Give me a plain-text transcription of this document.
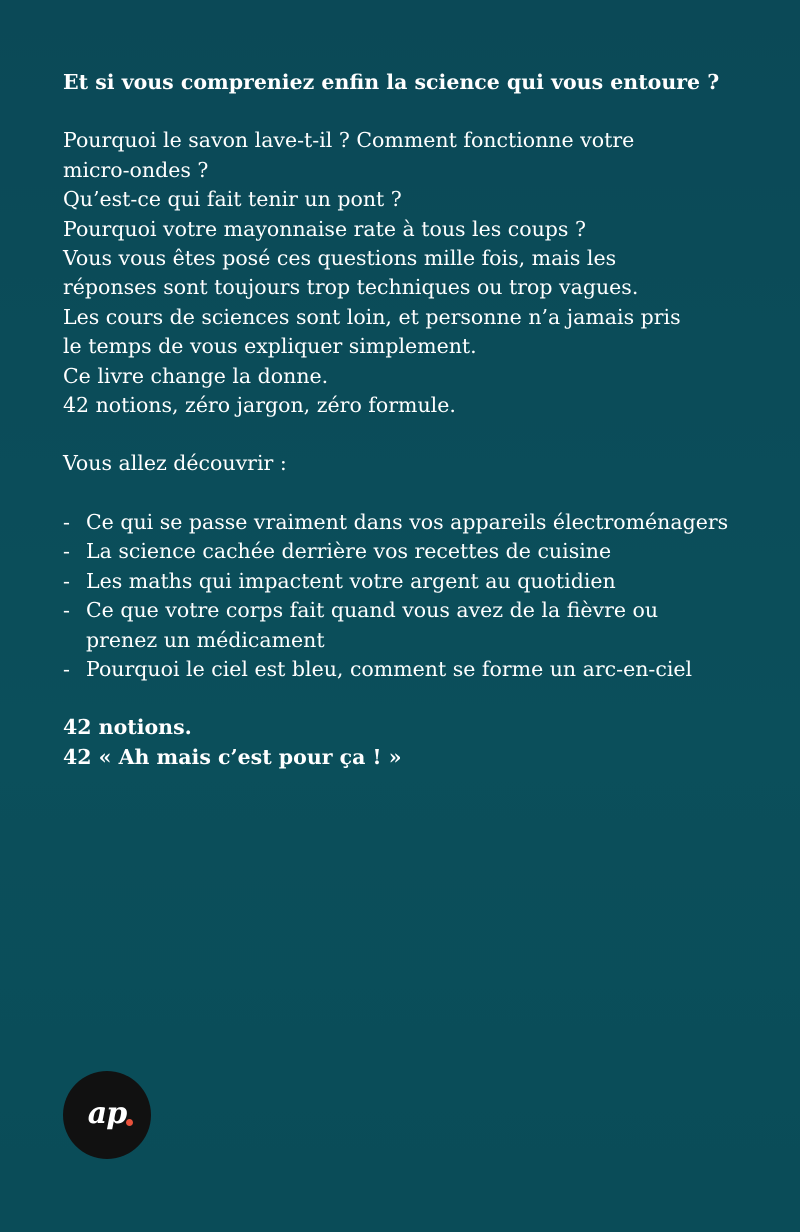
Et si vous compreniez enfin la science qui vous entoure ?

Pourquoi le savon lave-t-il ? Comment fonctionne votre
micro-ondes ?
Qu’est-ce qui fait tenir un pont ?
Pourquoi votre mayonnaise rate à tous les coups ?
Vous vous êtes posé ces questions mille fois, mais les
réponses sont toujours trop techniques ou trop vagues.
Les cours de sciences sont loin, et personne n’a jamais pris
le temps de vous expliquer simplement.
Ce livre change la donne.
42 notions, zéro jargon, zéro formule.

Vous allez découvrir :

- Ce qui se passe vraiment dans vos appareils électroménagers
- La science cachée derrière vos recettes de cuisine
- Les maths qui impactent votre argent au quotidien
- Ce que votre corps fait quand vous avez de la fièvre ou
prenez un médicament
- Pourquoi le ciel est bleu, comment se forme un arc-en-ciel

42 notions.
42 « Ah mais c’est pour ça ! »

ap
